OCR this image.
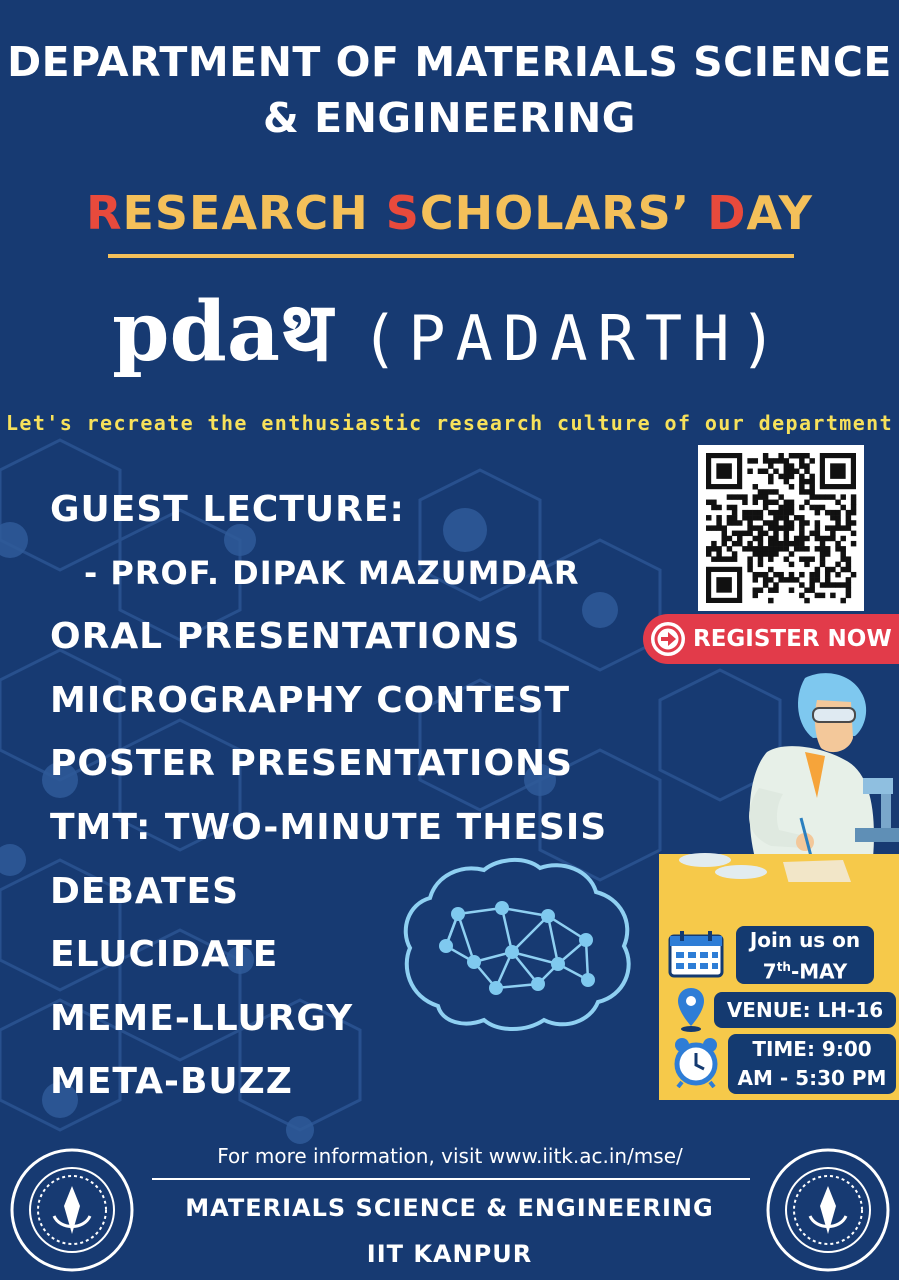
DEPARTMENT OF MATERIALS SCIENCE
& ENGINEERING
RESEARCH SCHOLARS’ DAY
pdaथ (PADARTH)
Let's recreate the enthusiastic research culture of our department
GUEST LECTURE:
- PROF. DIPAK MAZUMDAR
ORAL PRESENTATIONS
MICROGRAPHY CONTEST
POSTER PRESENTATIONS
TMT: TWO-MINUTE THESIS
DEBATES
ELUCIDATE
MEME-LLURGY
META-BUZZ
REGISTER NOW
Join us on
7th-MAY
VENUE: LH-16
TIME: 9:00
AM - 5:30 PM
For more information, visit www.iitk.ac.in/mse/
MATERIALS SCIENCE & ENGINEERING
IIT KANPUR
